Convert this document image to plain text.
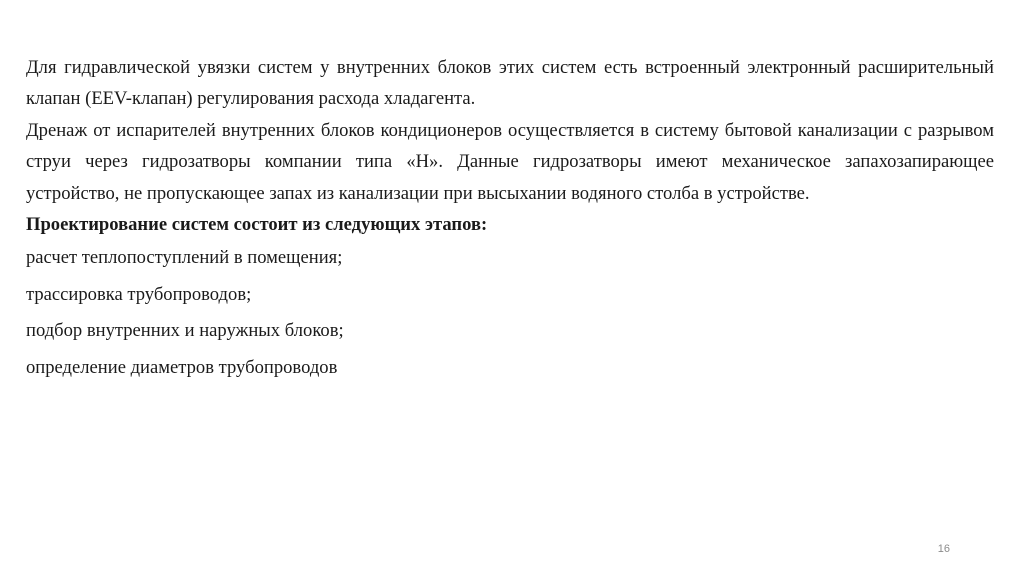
Для гидравлической увязки систем у внутренних блоков этих систем есть встроенный электронный расширительный клапан (EEV-клапан) регулирования расхода хладагента.

Дренаж от испарителей внутренних блоков кондиционеров осуществляется в систему бытовой канализации с разрывом струи через гидрозатворы компании типа «Н». Данные гидрозатворы имеют механическое запахозапирающее устройство, не пропускающее запах из канализации при высыхании водяного столба в устройстве.

Проектирование систем состоит из следующих этапов:

расчет теплопоступлений в помещения;
трассировка трубопроводов;
подбор внутренних и наружных блоков;
определение диаметров трубопроводов
16
